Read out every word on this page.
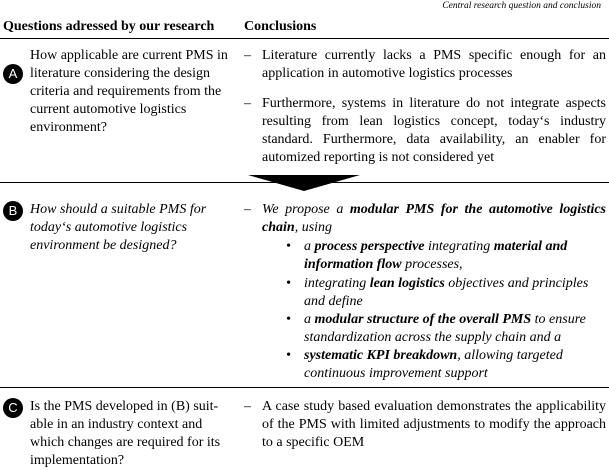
Central research question and conclusion
Questions adressed by our research Conclusions
A
How applicable are current PMS in literature considering the design criteria and requirements from the current automotive logistics environment?
– Literature currently lacks a PMS specific enough for an application in automotive logistics processes
– Furthermore, systems in literature do not integrate aspects resulting from lean logistics concept, today‘s industry standard. Furthermore, data availability, an enabler for automized reporting is not considered yet
B How should a suitable PMS for today‘s automotive logistics environment be designed?
– We propose a modular PMS for the automotive logistics chain, using
• a process perspective integrating material and information flow processes,
• integrating lean logistics objectives and principles and define
• a modular structure of the overall PMS to ensure standardization across the supply chain and a
• systematic KPI breakdown, allowing targeted continuous improvement support
C Is the PMS developed in (B) suit-able in an industry context and which changes are required for its implementation?
– A case study based evaluation demonstrates the applicability of the PMS with limited adjustments to modify the approach to a specific OEM
